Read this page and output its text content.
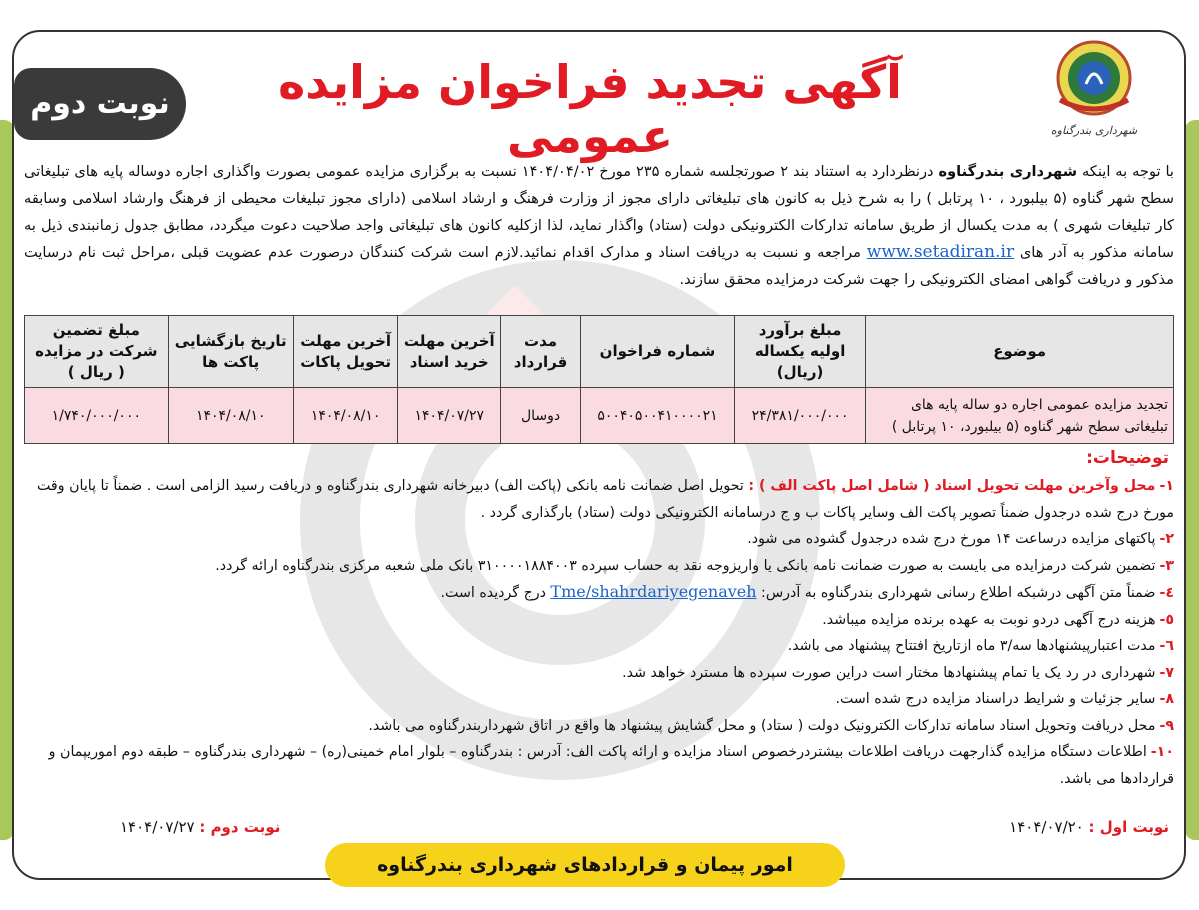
شهرداری بندرگناوه
آگهی تجدید فراخوان مزایده عمومی
نوبت دوم
با توجه به اینکه شهرداری بندرگناوه درنظردارد به استناد بند ۲ صورتجلسه شماره ۲۳۵ مورخ ۱۴۰۴/۰۴/۰۲ نسبت به برگزاری مزایده عمومی بصورت واگذاری اجاره دوساله پایه های تبلیغاتی سطح شهر گناوه (۵ بیلبورد ، ۱۰ پرتابل ) را به شرح ذیل به کانون های تبلیغاتی دارای مجوز از وزارت فرهنگ و ارشاد اسلامی (دارای مجوز تبلیغات محیطی از فرهنگ وارشاد اسلامی وسابقه کار تبلیغات شهری ) به مدت یکسال از طریق سامانه تدارکات الکترونیکی دولت (ستاد) واگذار نماید، لذا ازکلیه کانون های تبلیغاتی واجد صلاحیت دعوت میگردد، مطابق جدول زمانبندی ذیل به سامانه مذکور به آدر های www.setadiran.ir مراجعه و نسبت به دریافت اسناد و مدارک اقدام نمائید.لازم است شرکت کنندگان درصورت عدم عضویت قبلی ،مراحل ثبت نام درسایت مذکور و دریافت گواهی امضای الکترونیکی را جهت شرکت درمزایده محقق سازند.
موضوع	مبلغ برآورد اولیه یکساله (ریال)	شماره فراخوان	مدت قرارداد	آخرین مهلت خرید اسناد	آخرین مهلت تحویل پاکات	تاریخ بازگشایی پاکت ها	مبلغ تضمین شرکت در مزایده ( ریال )
تجدید مزایده عمومی اجاره دو ساله پایه های تبلیغاتی سطح شهر گناوه (۵ بیلبورد، ۱۰ پرتابل )	۲۴/۳۸۱/۰۰۰/۰۰۰	۵۰۰۴۰۵۰۰۴۱۰۰۰۰۲۱	دوسال	۱۴۰۴/۰۷/۲۷	۱۴۰۴/۰۸/۱۰	۱۴۰۴/۰۸/۱۰	۱/۷۴۰/۰۰۰/۰۰۰
توضیحات:
۱-محل وآخرین مهلت تحویل اسناد ( شامل اصل پاکت الف ) : تحویل اصل ضمانت نامه بانکی (پاکت الف) دبیرخانه شهرداری بندرگناوه و دریافت رسید الزامی است . ضمناً تا پایان وقت مورخ درج شده درجدول ضمناً تصویر پاکت الف وسایر پاکات ب و ج درسامانه الکترونیکی دولت (ستاد) بارگذاری گردد .
۲-پاکتهای مزایده درساعت ۱۴ مورخ درج شده درجدول گشوده می شود.
۳-تضمین شرکت درمزایده می بایست به صورت ضمانت نامه بانکی یا واریزوجه نقد به حساب سپرده ۳۱۰۰۰۰۱۸۸۴۰۰۳ بانک ملی شعبه مرکزی بندرگناوه ارائه گردد.
٤-ضمناً متن آگهی درشبکه اطلاع رسانی شهرداری بندرگناوه به آدرس: Tme/shahrdariyegenaveh درج گردیده است.
٥-هزینه درج آگهی دردو نوبت به عهده برنده مزایده میباشد.
٦-مدت اعتبارپیشنهادها سه/۳ ماه ازتاریخ افتتاح پیشنهاد می باشد.
٧-شهرداری در رد یک یا تمام پیشنهادها مختار است دراین صورت سپرده ها مسترد خواهد شد.
٨-سایر جزئیات و شرایط دراسناد مزایده درج شده است.
٩-محل دریافت وتحویل اسناد سامانه تدارکات الکترونیک دولت ( ستاد) و محل گشایش پیشنهاد ها واقع در اتاق شهرداربندرگناوه می باشد.
١٠-اطلاعات دستگاه مزایده گذارجهت دریافت اطلاعات بیشتردرخصوص اسناد مزایده و ارائه پاکت الف: آدرس : بندرگناوه – بلوار امام خمینی(ره) – شهرداری بندرگناوه – طبقه دوم اموریپمان و قراردادها می باشد.
نوبت اول : ۱۴۰۴/۰۷/۲۰
نوبت دوم : ۱۴۰۴/۰۷/۲۷
امور پیمان و قراردادهای شهرداری بندرگناوه
